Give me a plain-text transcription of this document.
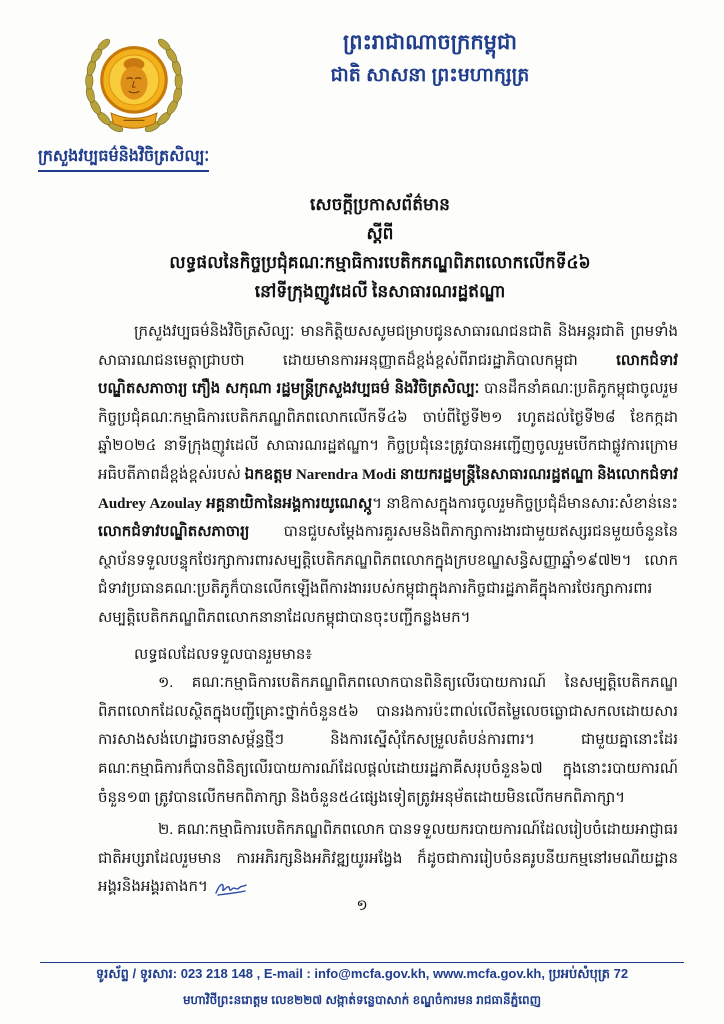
ព្រះរាជាណាចក្រកម្ពុជា
ជាតិ សាសនា ព្រះមហាក្សត្រ
ក្រសួងវប្បធម៌និងវិចិត្រសិល្បៈ
សេចក្តីប្រកាសព័ត៌មាន
ស្តីពី
លទ្ធផលនៃកិច្ចប្រជុំគណៈកម្មាធិការបេតិកភណ្ឌពិភពលោកលើកទី៤៦
នៅទីក្រុងញូវដេលី នៃសាធារណរដ្ឋឥណ្ឌា

ក្រសួងវប្បធម៌និងវិចិត្រសិល្បៈ មានកិត្តិយសសូមជម្រាបជូនសាធារណជនជាតិ និងអន្តរជាតិ ព្រមទាំងសាធារណជនមេត្តាជ្រាបថា ដោយមានការអនុញ្ញាតដ៏ខ្ពង់ខ្ពស់ពីរាជរដ្ឋាភិបាលកម្ពុជា លោកជំទាវបណ្ឌិតសភាចារ្យ ភឿង សកុណា រដ្ឋមន្ត្រីក្រសួងវប្បធម៌ និងវិចិត្រសិល្បៈ បានដឹកនាំគណៈប្រតិភូកម្ពុជាចូលរួមកិច្ចប្រជុំគណៈកម្មាធិការបេតិកភណ្ឌពិភពលោកលើកទី៤៦ ចាប់ពីថ្ងៃទី២១ រហូតដល់ថ្ងៃទី២៨ ខែកក្កដា ឆ្នាំ២០២៤ នាទីក្រុងញូវដេលី សាធារណរដ្ឋឥណ្ឌា។ កិច្ចប្រជុំនេះត្រូវបានអញ្ជើញចូលរួមបើកជាផ្លូវការក្រោមអធិបតីភាពដ៏ខ្ពង់ខ្ពស់របស់ ឯកឧត្តម Narendra Modi នាយករដ្ឋមន្ត្រីនៃសាធារណរដ្ឋឥណ្ឌា និងលោកជំទាវ Audrey Azoulay អគ្គនាយិកានៃអង្គការយូណេស្កូ។ នាឱកាសក្នុងការចូលរួមកិច្ចប្រជុំដ៏មានសារៈសំខាន់នេះ លោកជំទាវបណ្ឌិតសភាចារ្យ បានជួបសម្តែងការគួរសមនិងពិភាក្សាការងារជាមួយឥស្សរជនមួយចំនួននៃស្ថាប័នទទួលបន្ទុកថែរក្សាការពារសម្បត្តិបេតិកភណ្ឌពិភពលោកក្នុងក្របខណ្ឌសន្ធិសញ្ញាឆ្នាំ១៩៧២។ លោកជំទាវប្រធានគណៈប្រតិភូក៏បានលើកឡើងពីការងាររបស់កម្ពុជាក្នុងភារកិច្ចជារដ្ឋភាគីក្នុងការថែរក្សាការពារសម្បត្តិបេតិកភណ្ឌពិភពលោកនានាដែលកម្ពុជាបានចុះបញ្ជីកន្លងមក។

លទ្ធផលដែលទទួលបានរួមមាន៖

១. គណៈកម្មាធិការបេតិកភណ្ឌពិភពលោកបានពិនិត្យលើរបាយការណ៍ នៃសម្បត្តិបេតិកភណ្ឌពិភពលោកដែលស្ថិតក្នុងបញ្ជីគ្រោះថ្នាក់ចំនួន៥៦ បានរងការប៉ះពាល់លើតម្លៃលេចធ្លោជាសកលដោយសារការសាងសង់ហេដ្ឋារចនាសម្ព័ន្ធថ្មីៗ និងការស្នើសុំកែសម្រួលតំបន់ការពារ។ ជាមួយគ្នានោះដែរ គណៈកម្មាធិការក៏បានពិនិត្យលើរបាយការណ៍ដែលផ្តល់ដោយរដ្ឋភាគីសរុបចំនួន៦៧ ក្នុងនោះរបាយការណ៍ចំនួន១៣ ត្រូវបានលើកមកពិភាក្សា និងចំនួន៥៤ផ្សេងទៀតត្រូវអនុម័តដោយមិនលើកមកពិភាក្សា។

២. គណៈកម្មាធិការបេតិកភណ្ឌពិភពលោក បានទទួលយករបាយការណ៍ដែលរៀបចំដោយអាជ្ញាធរជាតិអប្សរាដែលរួមមាន ការអភិរក្សនិងអភិវឌ្ឍយូរអង្វែង ក៏ដូចជាការរៀបចំនគរូបនីយកម្មនៅរមណីយដ្ឋានអង្គរនិងអង្គរតាងក។

១
ទូរស័ព្ទ / ទូរសារ: 023 218 148 , E-mail : info@mcfa.gov.kh, www.mcfa.gov.kh, ប្រអប់សំបុត្រ 72
មហាវិថីព្រះនរោត្តម លេខ២២៧ សង្កាត់ទន្លេបាសាក់ ខណ្ឌចំការមន រាជធានីភ្នំពេញ
